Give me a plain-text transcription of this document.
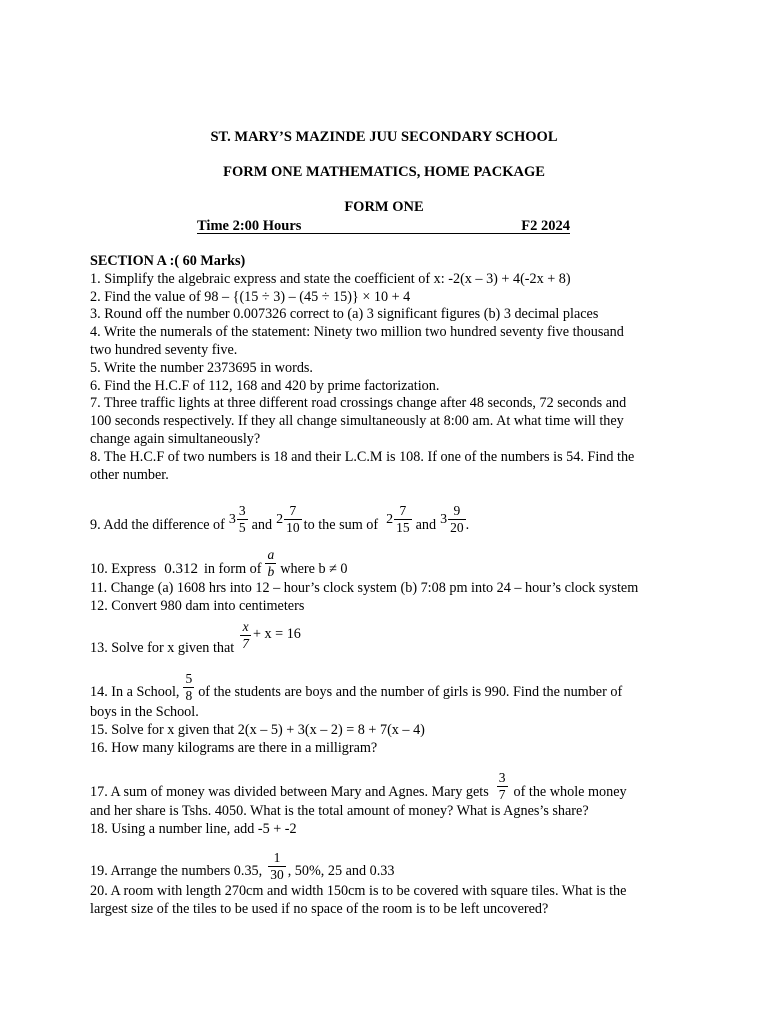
ST. MARY’S MAZINDE JUU SECONDARY SCHOOL
FORM ONE MATHEMATICS, HOME PACKAGE
FORM ONE
Time 2:00 Hours	F2 2024
SECTION A :( 60 Marks)
1. Simplify the algebraic express and state the coefficient of x: -2(x – 3) + 4(-2x + 8)
2. Find the value of 98 – {(15 ÷ 3) – (45 ÷ 15)} × 10 + 4
3. Round off the number 0.007326 correct to (a) 3 significant figures (b) 3 decimal places
4. Write the numerals of the statement: Ninety two million two hundred seventy five thousand
two hundred seventy five.
5. Write the number 2373695 in words.
6. Find the H.C.F of 112, 168 and 420 by prime factorization.
7. Three traffic lights at three different road crossings change after 48 seconds, 72 seconds and
100 seconds respectively. If they all change simultaneously at 8:00 am. At what time will they
change again simultaneously?
8. The H.C.F of two numbers is 18 and their L.C.M is 108. If one of the numbers is 54. Find the
other number.
9. Add the difference of $3 \frac{3}{5}$ and $2 \frac{7}{10}$ to the sum of $2 \frac{7}{15}$ and $3 \frac{9}{20}$ .
10. Express 0.312 in form of $\frac{a}{b}$ where b ≠ 0
11. Change (a) 1608 hrs into 12 – hour’s clock system (b) 7:08 pm into 24 – hour’s clock system
12. Convert 980 dam into centimeters
13. Solve for x given that $\frac{x}{7} + x = 16$
14. In a School, $\frac{5}{8}$ of the students are boys and the number of girls is 990. Find the number of
boys in the School.
15. Solve for x given that 2(x – 5) + 3(x – 2) = 8 + 7(x – 4)
16. How many kilograms are there in a milligram?
17. A sum of money was divided between Mary and Agnes. Mary gets $\frac{3}{7}$ of the whole money
and her share is Tshs. 4050. What is the total amount of money? What is Agnes’s share?
18. Using a number line, add -5 + -2
19. Arrange the numbers 0.35, $\frac{1}{30}$ , 50%, 25 and 0.33
20. A room with length 270cm and width 150cm is to be covered with square tiles. What is the
largest size of the tiles to be used if no space of the room is to be left uncovered?
